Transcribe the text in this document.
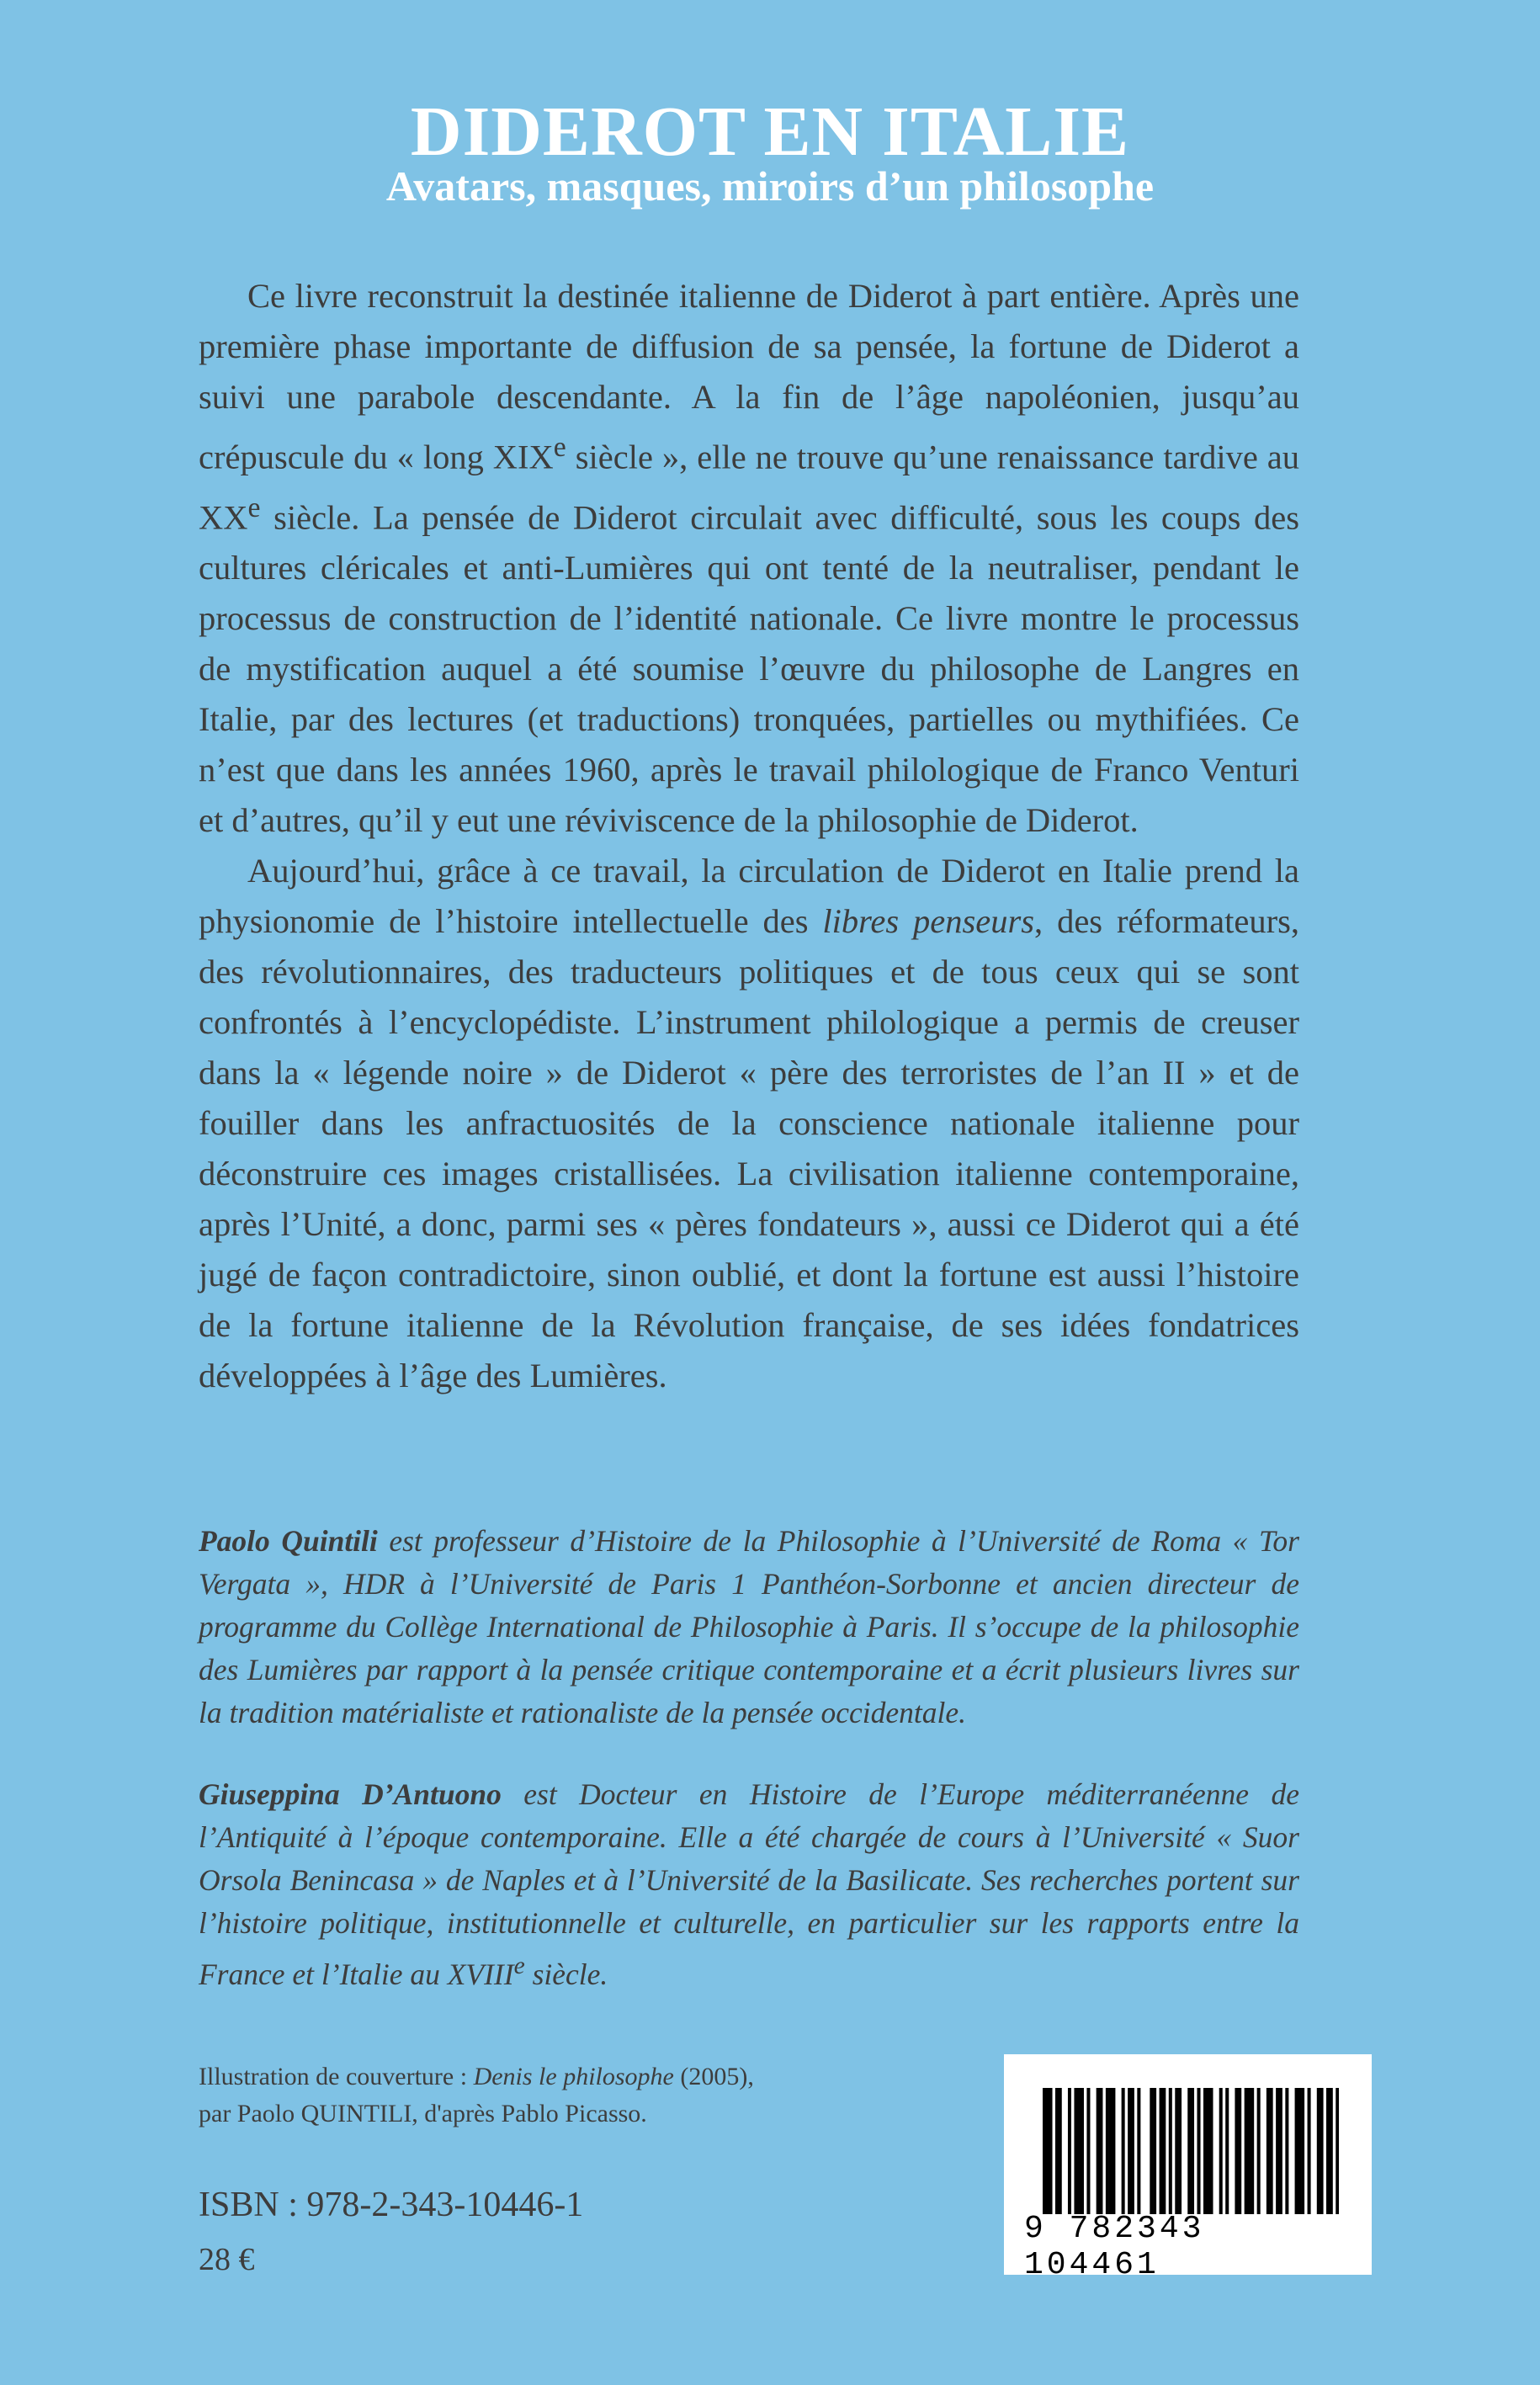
DIDEROT EN ITALIE
Avatars, masques, miroirs d’un philosophe

Ce livre reconstruit la destinée italienne de Diderot à part entière. Après une première phase importante de diffusion de sa pensée, la fortune de Diderot a suivi une parabole descendante. A la fin de l’âge napoléonien, jusqu’au crépuscule du « long XIXe siècle », elle ne trouve qu’une renaissance tardive au XXe siècle. La pensée de Diderot circulait avec difficulté, sous les coups des cultures cléricales et anti-Lumières qui ont tenté de la neutraliser, pendant le processus de construction de l’identité nationale. Ce livre montre le processus de mystification auquel a été soumise l’œuvre du philosophe de Langres en Italie, par des lectures (et traductions) tronquées, partielles ou mythifiées. Ce n’est que dans les années 1960, après le travail philologique de Franco Venturi et d’autres, qu’il y eut une réviviscence de la philosophie de Diderot.

Aujourd’hui, grâce à ce travail, la circulation de Diderot en Italie prend la physionomie de l’histoire intellectuelle des libres penseurs, des réformateurs, des révolutionnaires, des traducteurs politiques et de tous ceux qui se sont confrontés à l’encyclopédiste. L’instrument philologique a permis de creuser dans la « légende noire » de Diderot « père des terroristes de l’an II » et de fouiller dans les anfractuosités de la conscience nationale italienne pour déconstruire ces images cristallisées. La civilisation italienne contemporaine, après l’Unité, a donc, parmi ses « pères fondateurs », aussi ce Diderot qui a été jugé de façon contradictoire, sinon oublié, et dont la fortune est aussi l’histoire de la fortune italienne de la Révolution française, de ses idées fondatrices développées à l’âge des Lumières.

Paolo Quintili est professeur d’Histoire de la Philosophie à l’Université de Roma « Tor Vergata », HDR à l’Université de Paris 1 Panthéon-Sorbonne et ancien directeur de programme du Collège International de Philosophie à Paris. Il s’occupe de la philosophie des Lumières par rapport à la pensée critique contemporaine et a écrit plusieurs livres sur la tradition matérialiste et rationaliste de la pensée occidentale.

Giuseppina D’Antuono est Docteur en Histoire de l’Europe méditerranéenne de l’Antiquité à l’époque contemporaine. Elle a été chargée de cours à l’Université « Suor Orsola Benincasa » de Naples et à l’Université de la Basilicate. Ses recherches portent sur l’histoire politique, institutionnelle et culturelle, en particulier sur les rapports entre la France et l’Italie au XVIIIe siècle.

Illustration de couverture : Denis le philosophe (2005),
par Paolo QUINTILI, d'après Pablo Picasso.
ISBN : 978-2-343-10446-1
28 €
9 782343 104461
